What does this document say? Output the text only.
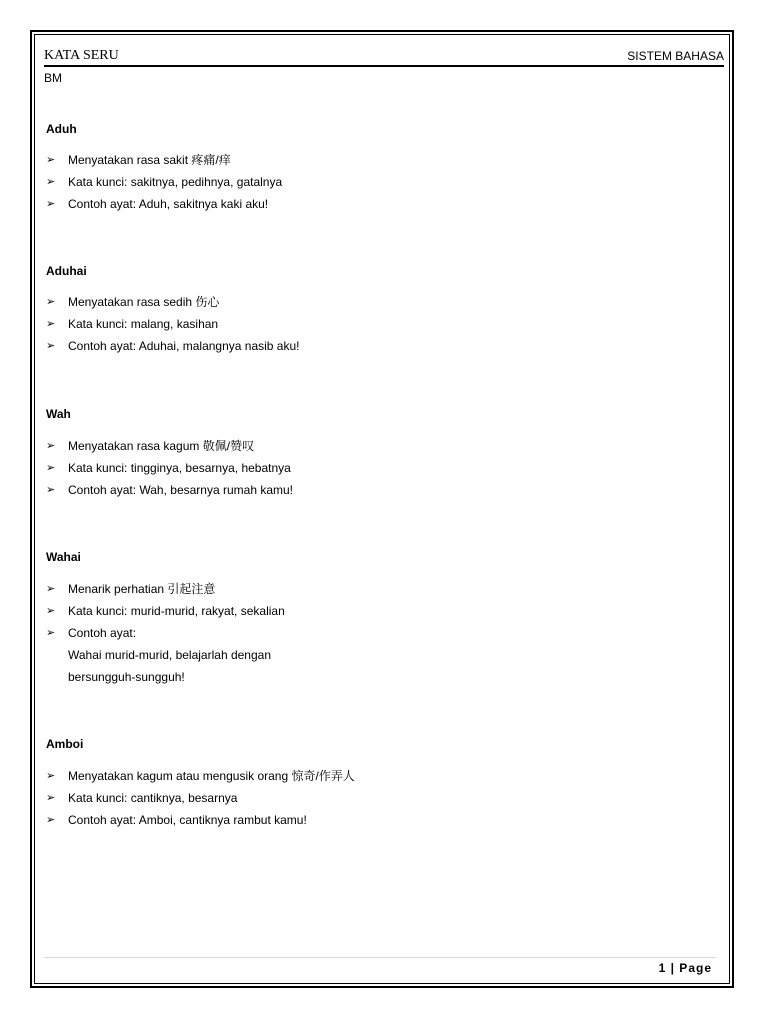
KATA SERU	SISTEM BAHASA
BM
Aduh
➢ Menyatakan rasa sakit 疼痛/痒
➢ Kata kunci: sakitnya, pedihnya, gatalnya
➢ Contoh ayat: Aduh, sakitnya kaki aku!
Aduhai
➢ Menyatakan rasa sedih 伤心
➢ Kata kunci: malang, kasihan
➢ Contoh ayat: Aduhai, malangnya nasib aku!
Wah
➢ Menyatakan rasa kagum 敬佩/赞叹
➢ Kata kunci: tingginya, besarnya, hebatnya
➢ Contoh ayat: Wah, besarnya rumah kamu!
Wahai
➢ Menarik perhatian 引起注意
➢ Kata kunci: murid-murid, rakyat, sekalian
➢ Contoh ayat:
Wahai murid-murid, belajarlah dengan
bersungguh-sungguh!
Amboi
➢ Menyatakan kagum atau mengusik orang 惊奇/作弄人
➢ Kata kunci: cantiknya, besarnya
➢ Contoh ayat: Amboi, cantiknya rambut kamu!
1 | Page
